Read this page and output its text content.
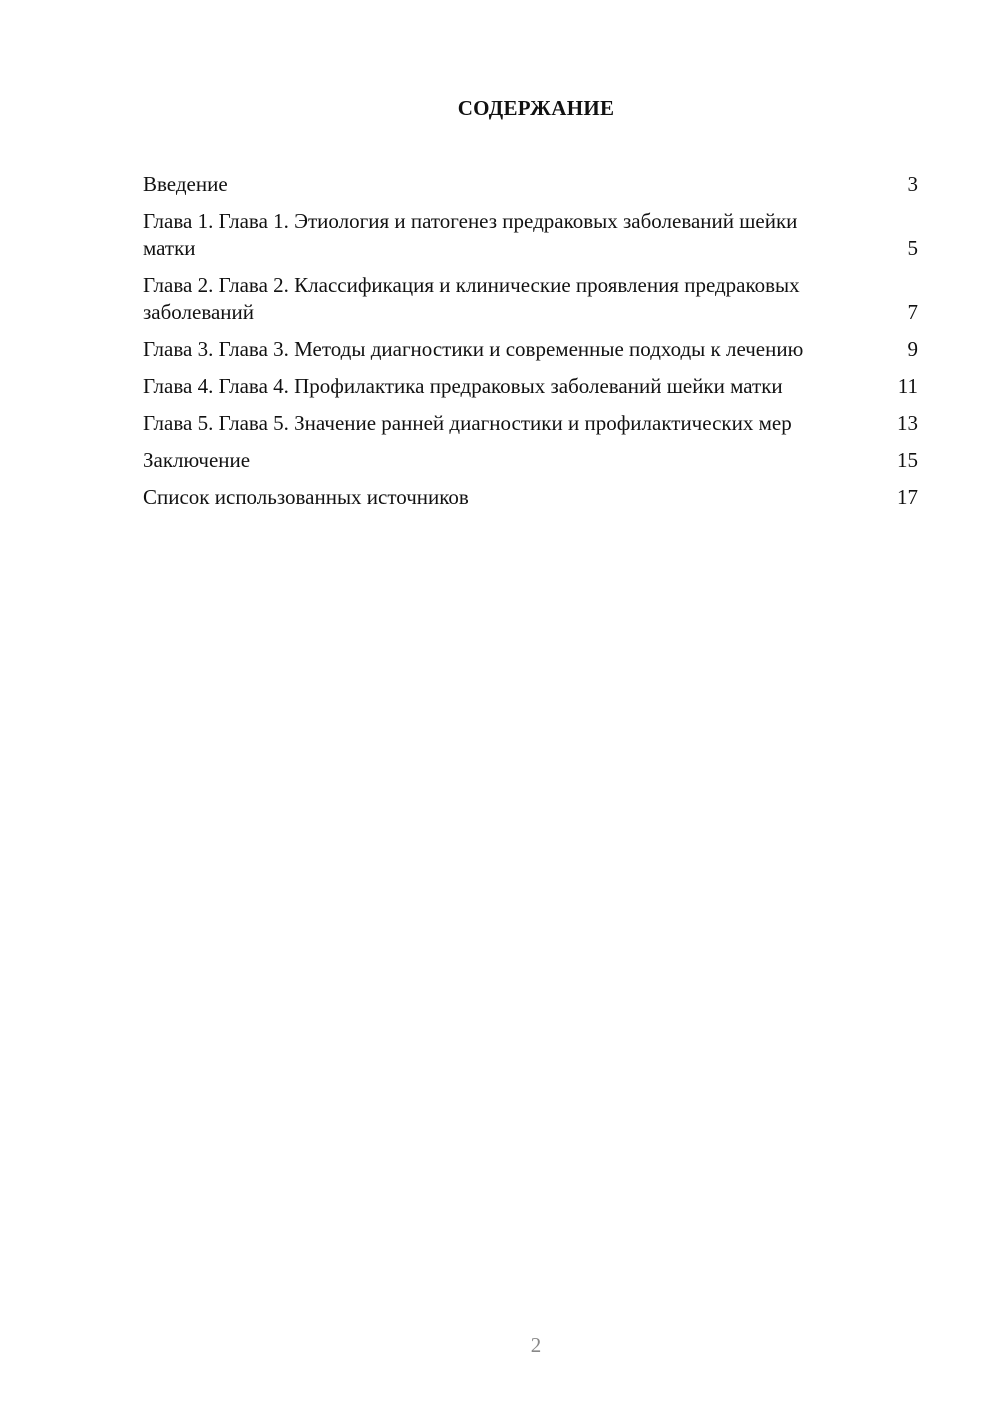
СОДЕРЖАНИЕ
Введение	3
Глава 1. Глава 1. Этиология и патогенез предраковых заболеваний шейки матки	5
Глава 2. Глава 2. Классификация и клинические проявления предраковых заболеваний	7
Глава 3. Глава 3. Методы диагностики и современные подходы к лечению	9
Глава 4. Глава 4. Профилактика предраковых заболеваний шейки матки	11
Глава 5. Глава 5. Значение ранней диагностики и профилактических мер	13
Заключение	15
Список использованных источников	17
2
